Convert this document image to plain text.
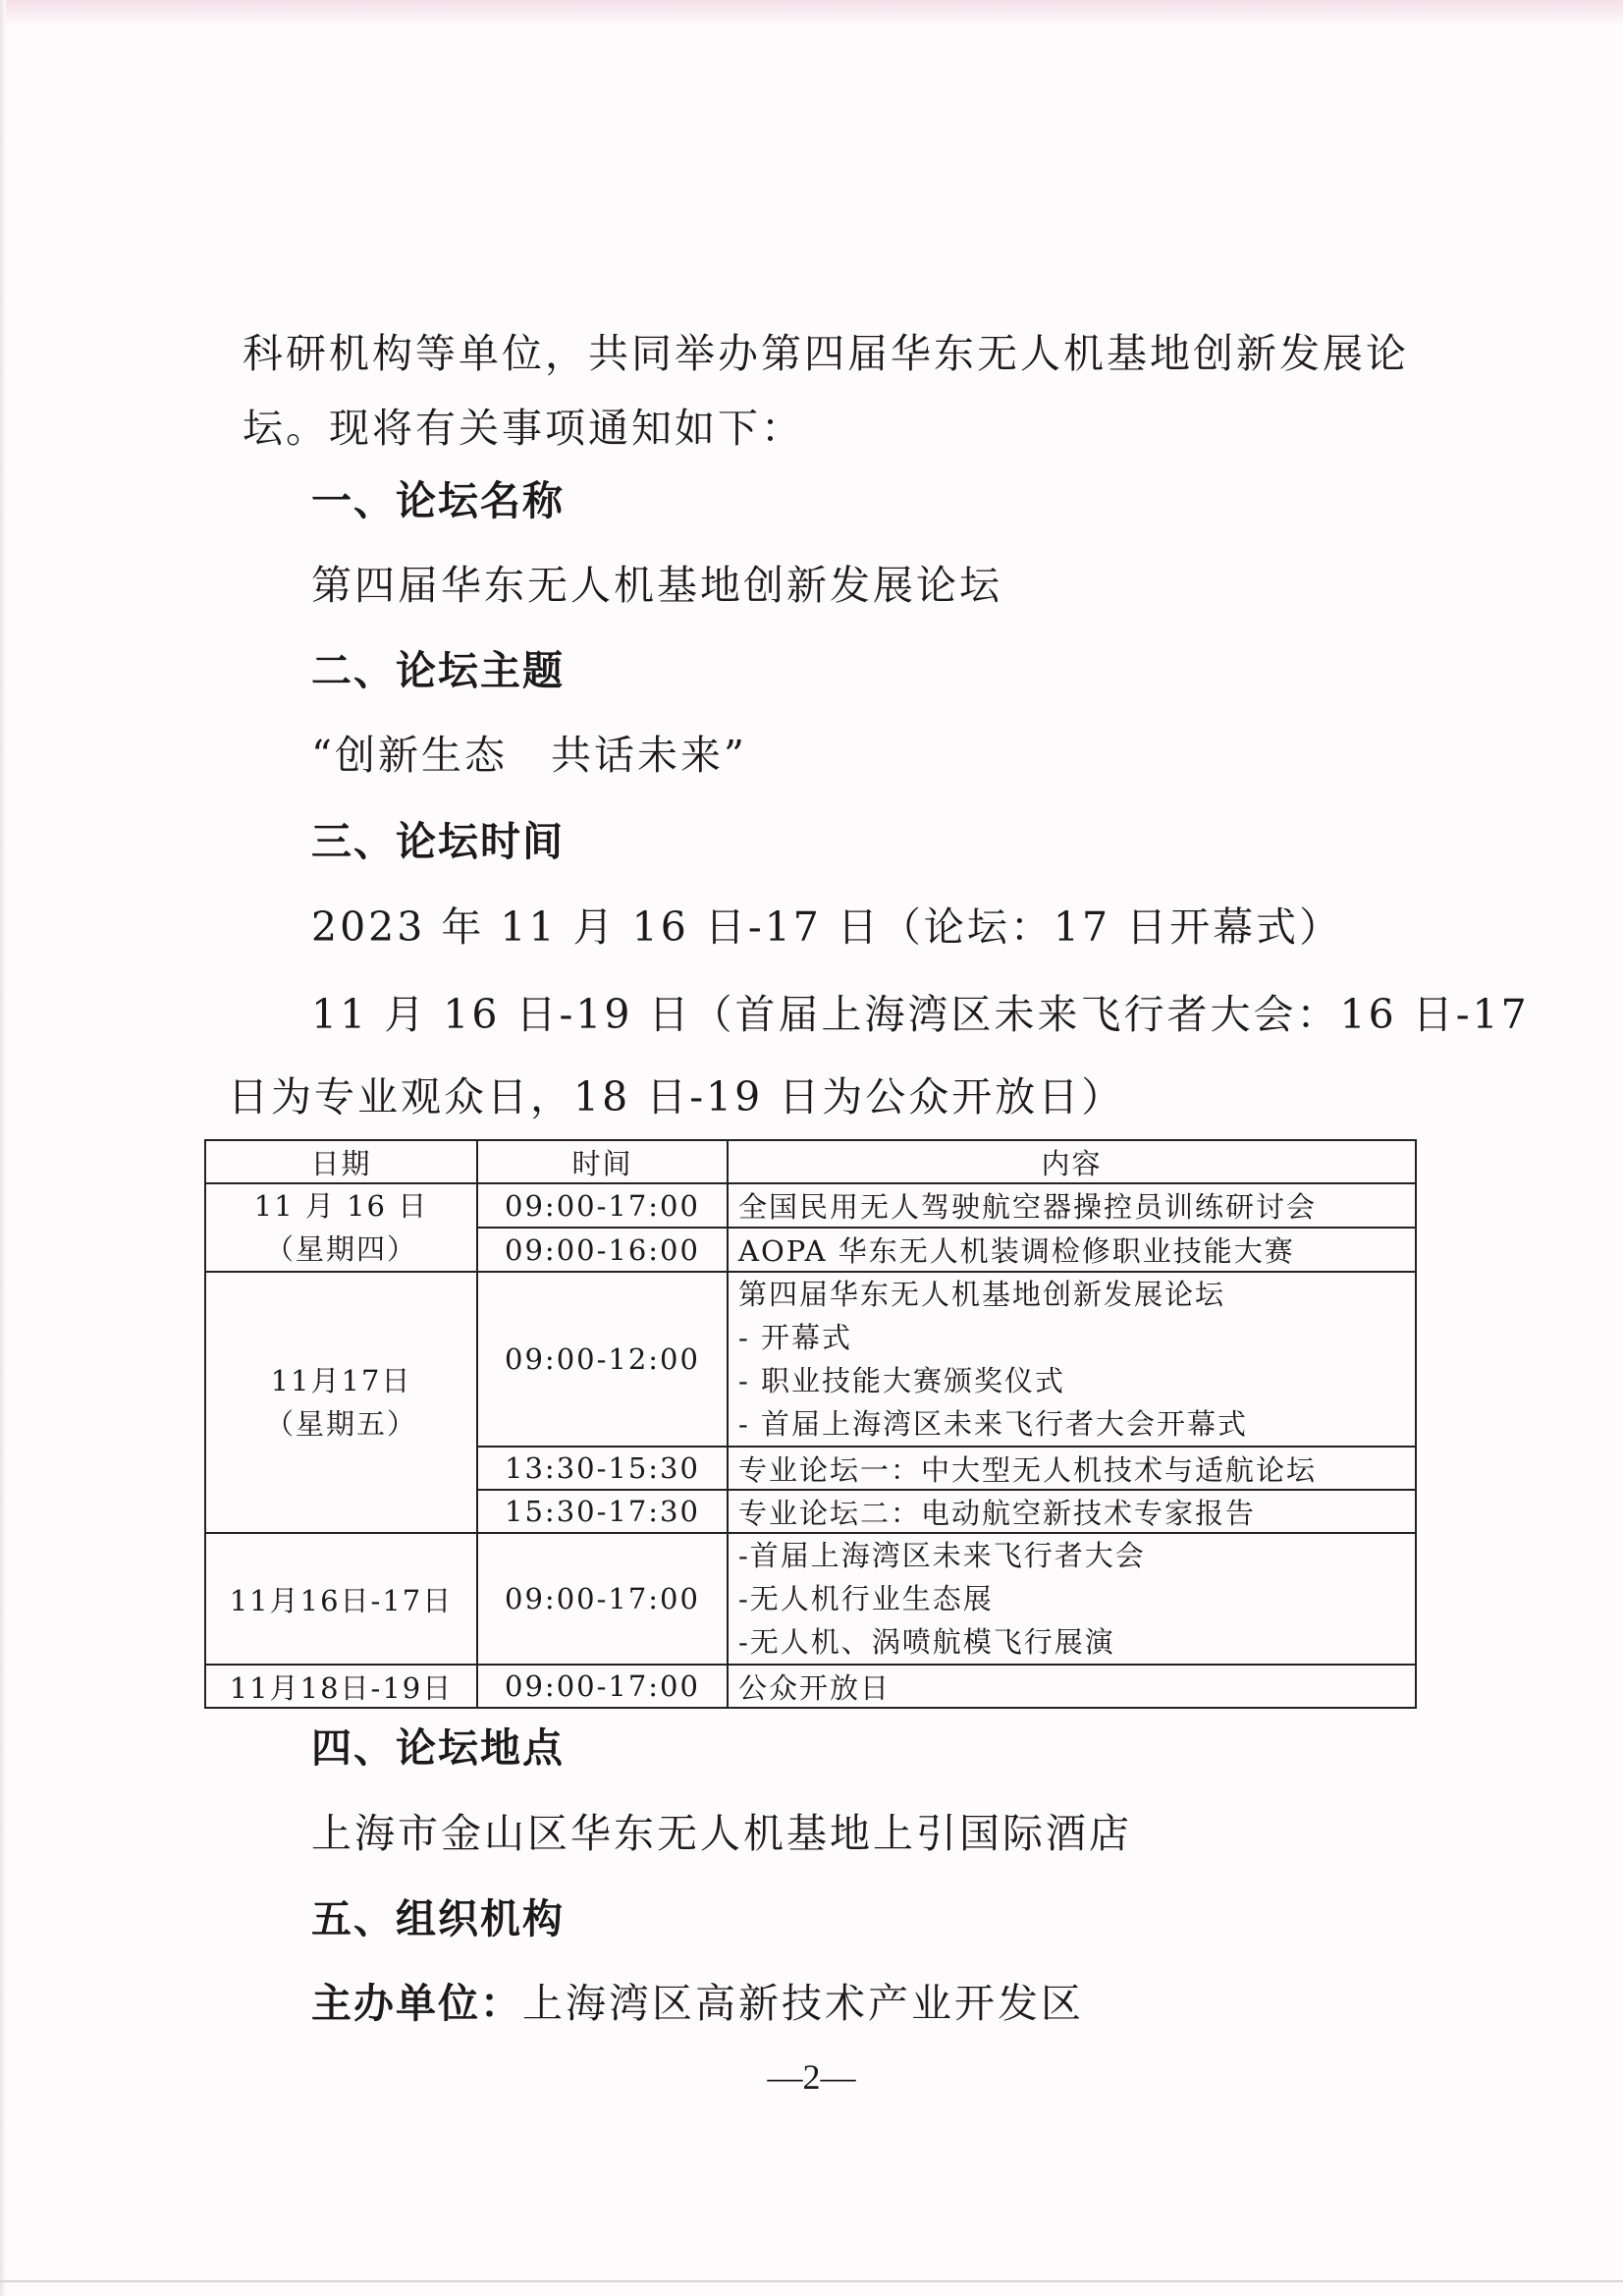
科研机构等单位，共同举办第四届华东无人机基地创新发展论
坛。现将有关事项通知如下：
一、论坛名称
第四届华东无人机基地创新发展论坛
二、论坛主题
“创新生态　共话未来”
三、论坛时间
2023 年 11 月 16 日-17 日（论坛：17 日开幕式）
11 月 16 日-19 日（首届上海湾区未来飞行者大会：16 日-17
日为专业观众日，18 日-19 日为公众开放日）
日期	时间	内容

11 月 16 日
（星期四）	09:00-17:00	全国民用无人驾驶航空器操控员训练研讨会
	09:00-16:00	AOPA 华东无人机装调检修职业技能大赛

11月17日
（星期五）	09:00-12:00	第四届华东无人机基地创新发展论坛
- 开幕式
- 职业技能大赛颁奖仪式
- 首届上海湾区未来飞行者大会开幕式

	13:30-15:30	专业论坛一：中大型无人机技术与适航论坛
	15:30-17:30	专业论坛二：电动航空新技术专家报告
11月16日-17日	09:00-17:00	-首届上海湾区未来飞行者大会
-无人机行业生态展
-无人机、涡喷航模飞行展演

11月18日-19日	09:00-17:00	公众开放日
四、论坛地点
上海市金山区华东无人机基地上引国际酒店
五、组织机构
主办单位：上海湾区高新技术产业开发区
—2—
